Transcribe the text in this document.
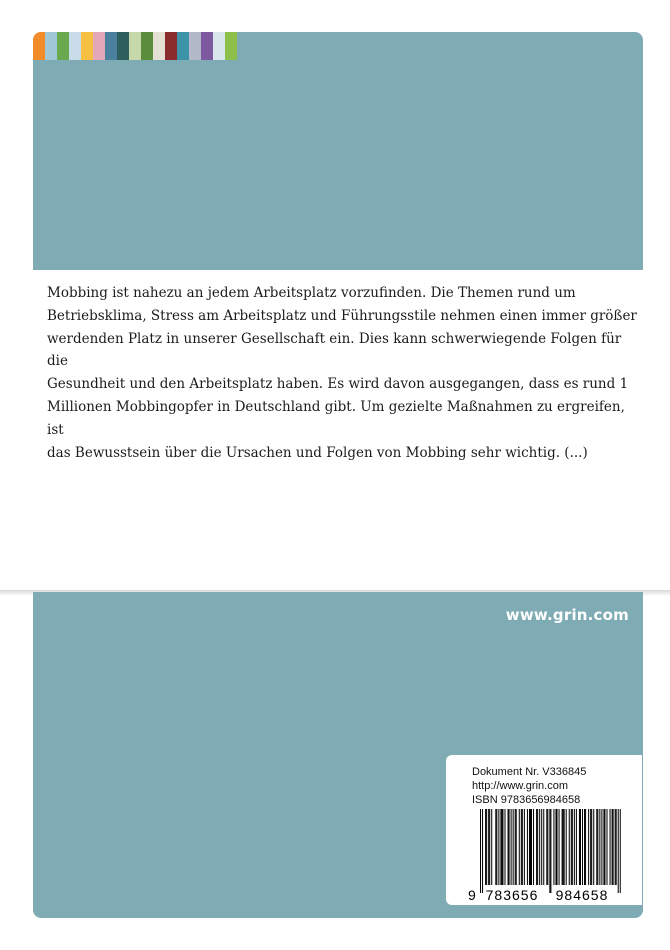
Mobbing ist nahezu an jedem Arbeitsplatz vorzufinden. Die Themen rund um
Betriebsklima, Stress am Arbeitsplatz und Führungsstile nehmen einen immer größer
werdenden Platz in unserer Gesellschaft ein. Dies kann schwerwiegende Folgen für die
Gesundheit und den Arbeitsplatz haben. Es wird davon ausgegangen, dass es rund 1
Millionen Mobbingopfer in Deutschland gibt. Um gezielte Maßnahmen zu ergreifen, ist
das Bewusstsein über die Ursachen und Folgen von Mobbing sehr wichtig. (...)

www.grin.com
Dokument Nr. V336845
http://www.grin.com
ISBN 9783656984658
9 783656 984658
